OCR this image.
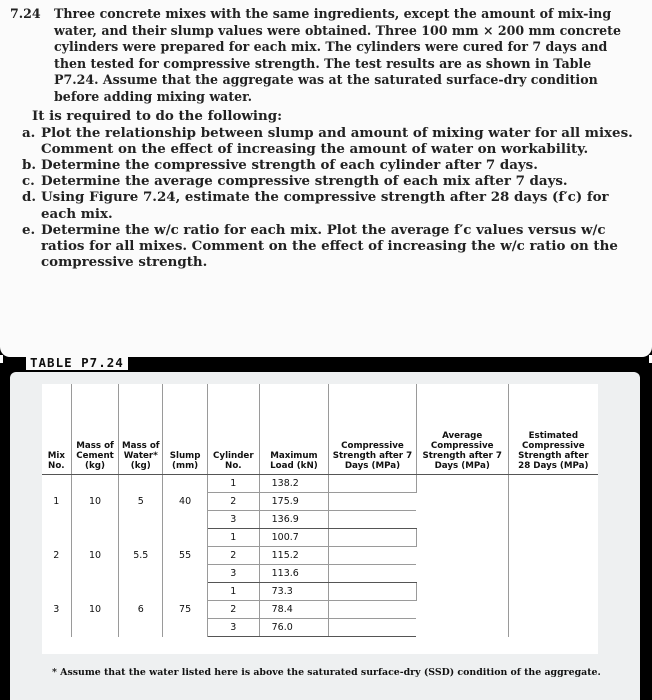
7.24 Three concrete mixes with the same ingredients, except the amount of mix-ing water, and their slump values were obtained. Three 100 mm × 200 mm concrete cylinders were prepared for each mix. The cylinders were cured for 7 days and then tested for compressive strength. The test results are as shown in Table P7.24. Assume that the aggregate was at the saturated surface-dry condition before adding mixing water.
It is required to do the following:
a. Plot the relationship between slump and amount of mixing water for all mixes. Comment on the effect of increasing the amount of water on workability.
b. Determine the compressive strength of each cylinder after 7 days.
c. Determine the average compressive strength of each mix after 7 days.
d. Using Figure 7.24, estimate the compressive strength after 28 days (f′c) for each mix.
e. Determine the w/c ratio for each mix. Plot the average f′c values versus w/c ratios for all mixes. Comment on the effect of increasing the w/c ratio on the compressive strength.
TABLE P7.24
Mix No.	Mass of Cement (kg)	Mass of Water* (kg)	Slump (mm)	Cylinder No.	Maximum Load (kN)	Compressive Strength after 7 Days (MPa)	Average Compressive Strength after 7 Days (MPa)	Estimated Compressive Strength after 28 Days (MPa)
1	10	5	40	1	138.2			
				2	175.9			
				3	136.9			
2	10	5.5	55	1	100.7			
				2	115.2			
				3	113.6			
3	10	6	75	1	73.3			
				2	78.4			
				3	76.0			
* Assume that the water listed here is above the saturated surface-dry (SSD) condition of the aggregate.
